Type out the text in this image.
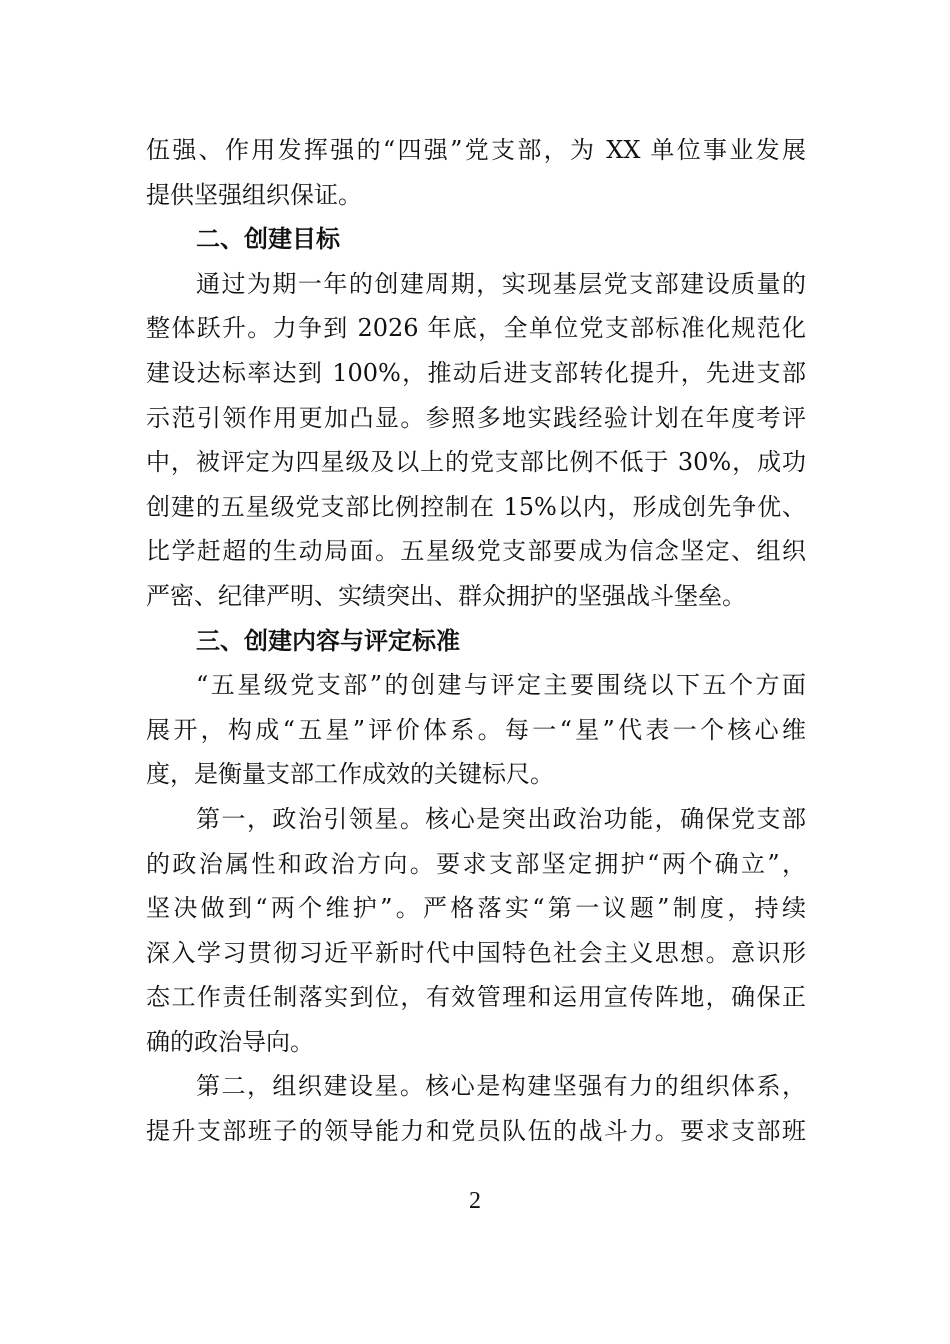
伍强、作用发挥强的“四强”党支部，为 XX 单位事业发展
提供坚强组织保证。
二、创建目标
通过为期一年的创建周期，实现基层党支部建设质量的
整体跃升。力争到 2026 年底，全单位党支部标准化规范化
建设达标率达到 100%，推动后进支部转化提升，先进支部
示范引领作用更加凸显。参照多地实践经验计划在年度考评
中，被评定为四星级及以上的党支部比例不低于 30%，成功
创建的五星级党支部比例控制在 15%以内，形成创先争优、
比学赶超的生动局面。五星级党支部要成为信念坚定、组织
严密、纪律严明、实绩突出、群众拥护的坚强战斗堡垒。
三、创建内容与评定标准
“五星级党支部”的创建与评定主要围绕以下五个方面
展开，构成“五星”评价体系。每一“星”代表一个核心维
度，是衡量支部工作成效的关键标尺。
第一，政治引领星。核心是突出政治功能，确保党支部
的政治属性和政治方向。要求支部坚定拥护“两个确立”，
坚决做到“两个维护”。严格落实“第一议题”制度，持续
深入学习贯彻习近平新时代中国特色社会主义思想。意识形
态工作责任制落实到位，有效管理和运用宣传阵地，确保正
确的政治导向。
第二，组织建设星。核心是构建坚强有力的组织体系，
提升支部班子的领导能力和党员队伍的战斗力。要求支部班
2
